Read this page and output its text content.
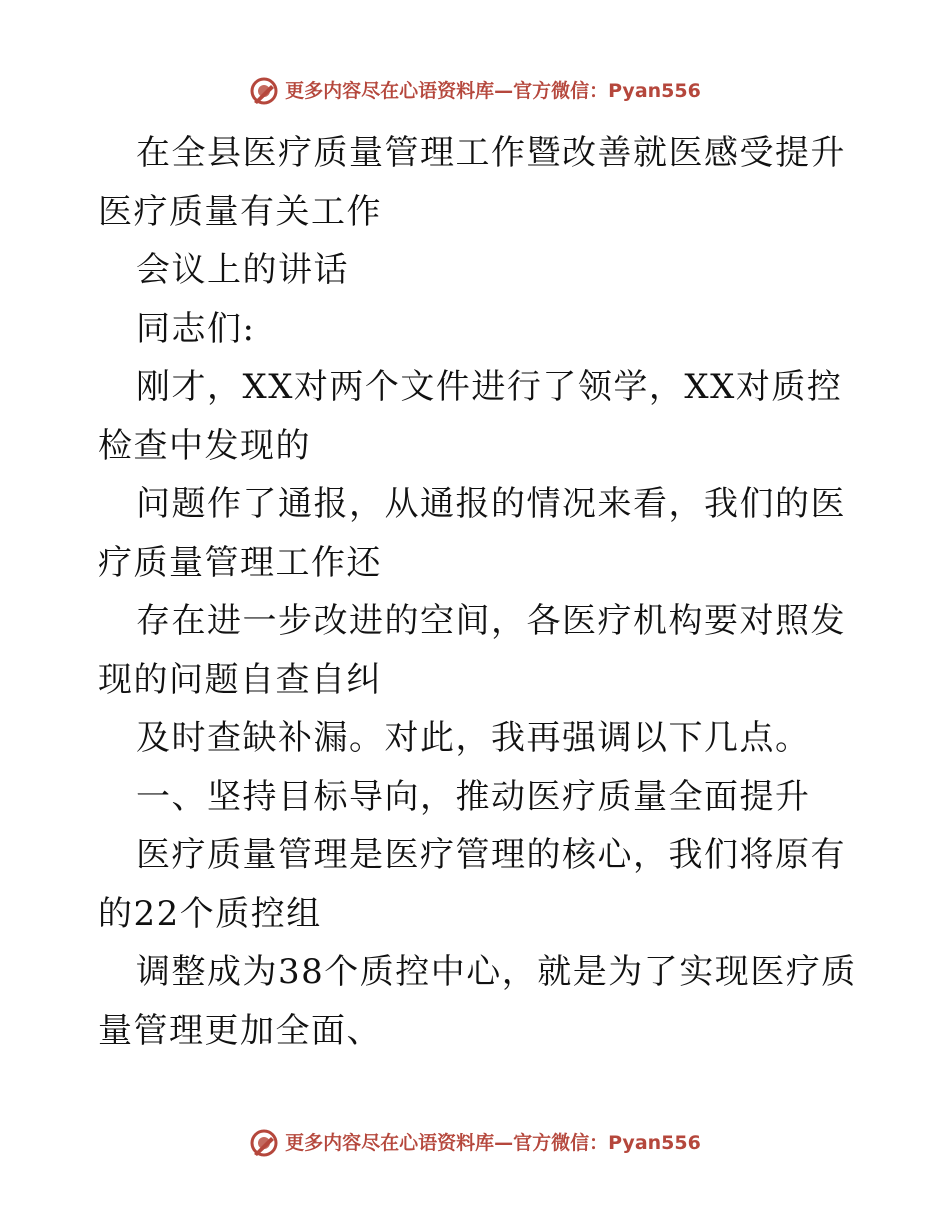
更多内容尽在心语资料库—官方微信：Pyan556

在全县医疗质量管理工作暨改善就医感受提升医疗质量有关工作

会议上的讲话

同志们:

刚才，XX对两个文件进行了领学，XX对质控检查中发现的

问题作了通报，从通报的情况来看，我们的医疗质量管理工作还

存在进一步改进的空间，各医疗机构要对照发现的问题自查自纠

及时查缺补漏。对此，我再强调以下几点。

一、坚持目标导向，推动医疗质量全面提升

医疗质量管理是医疗管理的核心，我们将原有的22个质控组

调整成为38个质控中心，就是为了实现医疗质量管理更加全面、

更多内容尽在心语资料库—官方微信：Pyan556
